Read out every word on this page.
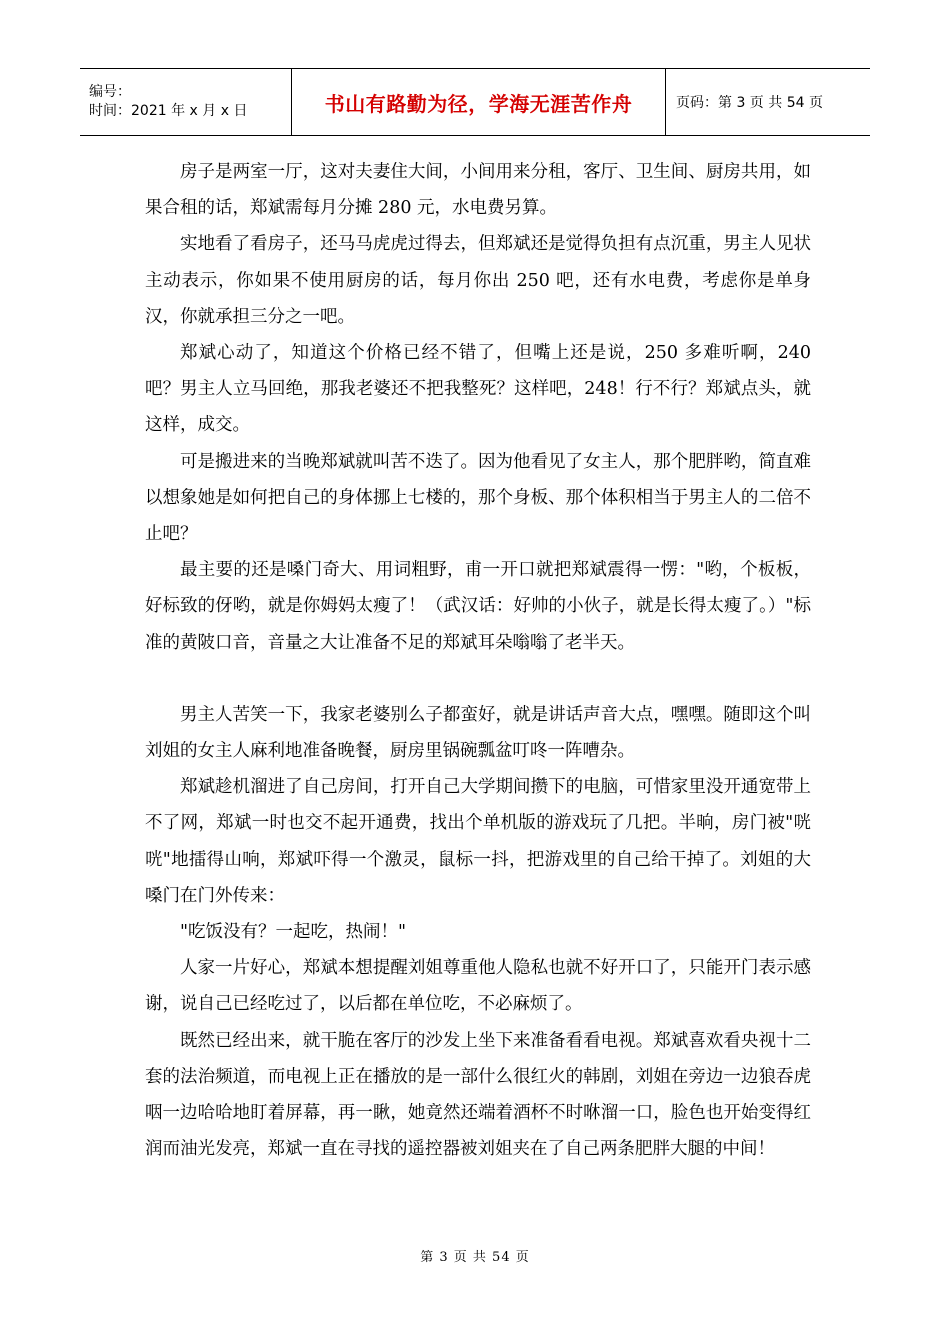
编号：
时间：2021 年 x 月 x 日	书山有路勤为径，学海无涯苦作舟	页码：第 3 页 共 54 页

房子是两室一厅，这对夫妻住大间，小间用来分租，客厅、卫生间、厨房共用，如果合租的话，郑斌需每月分摊 280 元，水电费另算。

实地看了看房子，还马马虎虎过得去，但郑斌还是觉得负担有点沉重，男主人见状主动表示，你如果不使用厨房的话，每月你出 250 吧，还有水电费，考虑你是单身汉，你就承担三分之一吧。

郑斌心动了，知道这个价格已经不错了，但嘴上还是说，250 多难听啊，240 吧？男主人立马回绝，那我老婆还不把我整死？这样吧，248！行不行？郑斌点头，就这样，成交。

可是搬进来的当晚郑斌就叫苦不迭了。因为他看见了女主人，那个肥胖哟，简直难以想象她是如何把自己的身体挪上七楼的，那个身板、那个体积相当于男主人的二倍不止吧？

最主要的还是嗓门奇大、用词粗野，甫一开口就把郑斌震得一愣："哟，个板板，好标致的伢哟，就是你姆妈太瘦了！（武汉话：好帅的小伙子，就是长得太瘦了。）"标准的黄陂口音，音量之大让准备不足的郑斌耳朵嗡嗡了老半天。

男主人苦笑一下，我家老婆别么子都蛮好，就是讲话声音大点，嘿嘿。随即这个叫刘姐的女主人麻利地准备晚餐，厨房里锅碗瓢盆叮咚一阵嘈杂。

郑斌趁机溜进了自己房间，打开自己大学期间攒下的电脑，可惜家里没开通宽带上不了网，郑斌一时也交不起开通费，找出个单机版的游戏玩了几把。半晌，房门被"咣咣"地擂得山响，郑斌吓得一个激灵，鼠标一抖，把游戏里的自己给干掉了。刘姐的大嗓门在门外传来：

"吃饭没有？一起吃，热闹！"

人家一片好心，郑斌本想提醒刘姐尊重他人隐私也就不好开口了，只能开门表示感谢，说自己已经吃过了，以后都在单位吃，不必麻烦了。

既然已经出来，就干脆在客厅的沙发上坐下来准备看看电视。郑斌喜欢看央视十二套的法治频道，而电视上正在播放的是一部什么很红火的韩剧，刘姐在旁边一边狼吞虎咽一边哈哈地盯着屏幕，再一瞅，她竟然还端着酒杯不时咻溜一口，脸色也开始变得红润而油光发亮，郑斌一直在寻找的遥控器被刘姐夹在了自己两条肥胖大腿的中间！

第 3 页 共 54 页
